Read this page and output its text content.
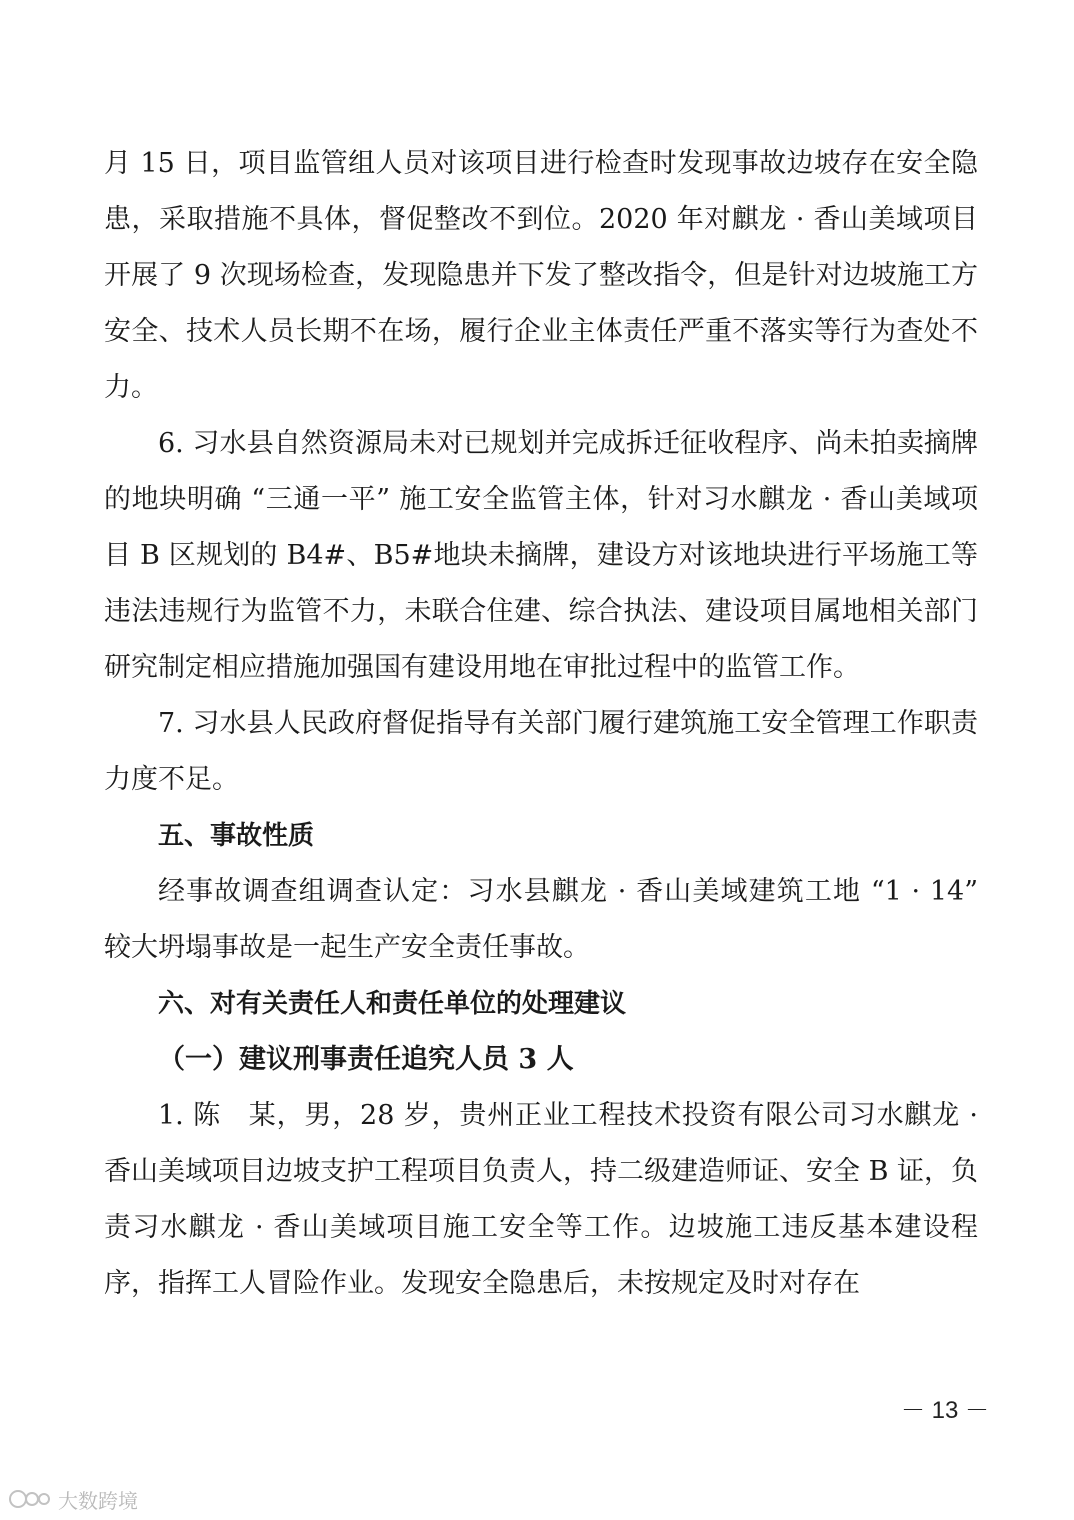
月 15 日，项目监管组人员对该项目进行检查时发现事故边坡存在安全隐患，采取措施不具体，督促整改不到位。2020 年对麒龙 · 香山美域项目开展了 9 次现场检查，发现隐患并下发了整改指令，但是针对边坡施工方安全、技术人员长期不在场，履行企业主体责任严重不落实等行为查处不力。

6. 习水县自然资源局未对已规划并完成拆迁征收程序、尚未拍卖摘牌的地块明确 “三通一平” 施工安全监管主体，针对习水麒龙 · 香山美域项目 B 区规划的 B4#、B5#地块未摘牌，建设方对该地块进行平场施工等违法违规行为监管不力，未联合住建、综合执法、建设项目属地相关部门研究制定相应措施加强国有建设用地在审批过程中的监管工作。

7. 习水县人民政府督促指导有关部门履行建筑施工安全管理工作职责力度不足。

五、事故性质

经事故调查组调查认定：习水县麒龙 · 香山美域建筑工地 “1 · 14” 较大坍塌事故是一起生产安全责任事故。

六、对有关责任人和责任单位的处理建议

（一）建议刑事责任追究人员 3 人

1. 陈　某，男，28 岁，贵州正业工程技术投资有限公司习水麒龙 ·香山美域项目边坡支护工程项目负责人，持二级建造师证、安全 B 证，负责习水麒龙 · 香山美域项目施工安全等工作。边坡施工违反基本建设程序，指挥工人冒险作业。发现安全隐患后，未按规定及时对存在

－ 13 －
大数跨境
